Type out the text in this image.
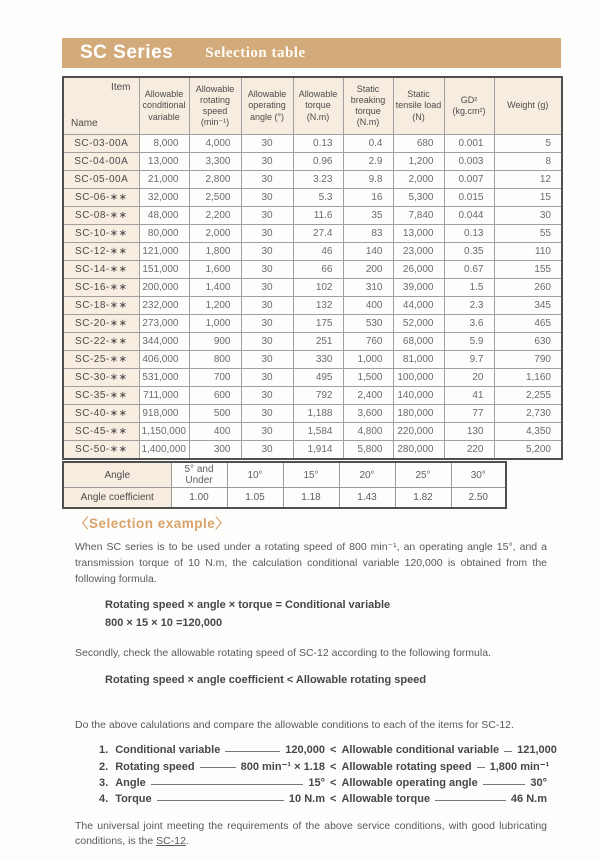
SC Series Selection table
Item
Name	Allowable conditional variable	Allowable rotating speed (min⁻¹)	Allowable operating angle (°)	Allowable torque (N.m)	Static breaking torque (N.m)	Static tensile load (N)	GD² (kg.cm²)	Weight (g)
SC-03-00A	8,000	4,000	30	0.13	0.4	680	0.001	5
SC-04-00A	13,000	3,300	30	0.96	2.9	1,200	0.003	8
SC-05-00A	21,000	2,800	30	3.23	9.8	2,000	0.007	12
SC-06-∗∗	32,000	2,500	30	5.3	16	5,300	0.015	15
SC-08-∗∗	48,000	2,200	30	11.6	35	7,840	0.044	30
SC-10-∗∗	80,000	2,000	30	27.4	83	13,000	0.13	55
SC-12-∗∗	121,000	1,800	30	46	140	23,000	0.35	110
SC-14-∗∗	151,000	1,600	30	66	200	26,000	0.67	155
SC-16-∗∗	200,000	1,400	30	102	310	39,000	1.5	260
SC-18-∗∗	232,000	1,200	30	132	400	44,000	2.3	345
SC-20-∗∗	273,000	1,000	30	175	530	52,000	3.6	465
SC-22-∗∗	344,000	900	30	251	760	68,000	5.9	630
SC-25-∗∗	406,000	800	30	330	1,000	81,000	9.7	790
SC-30-∗∗	531,000	700	30	495	1,500	100,000	20	1,160
SC-35-∗∗	711,000	600	30	792	2,400	140,000	41	2,255
SC-40-∗∗	918,000	500	30	1,188	3,600	180,000	77	2,730
SC-45-∗∗	1,150,000	400	30	1,584	4,800	220,000	130	4,350
SC-50-∗∗	1,400,000	300	30	1,914	5,800	280,000	220	5,200
Angle	5° and Under	10°	15°	20°	25°	30°
Angle coefficient	1.00	1.05	1.18	1.43	1.82	2.50
〈Selection example〉

When SC series is to be used under a rotating speed of 800 min⁻¹, an operating angle 15°, and a transmission torque of 10 N.m, the calculation conditional variable 120,000 is obtained from the following formula.

Rotating speed × angle × torque = Conditional variable
800 × 15 × 10 =120,000

Secondly, check the allowable rotating speed of SC-12 according to the following formula.

Rotating speed × angle coefficient < Allowable rotating speed

Do the above calulations and compare the allowable conditions to each of the items for SC-12.

1. Conditional variable	120,000 < Allowable conditional variable 121,000
2. Rotating speed	800 min⁻¹ × 1.18 < Allowable rotating speed 1,800 min⁻¹
3. Angle	15° < Allowable operating angle	30°
4. Torque	10 N.m < Allowable torque	46 N.m

The universal joint meeting the requirements of the above service conditions, with good lubricating conditions, is the SC-12.
